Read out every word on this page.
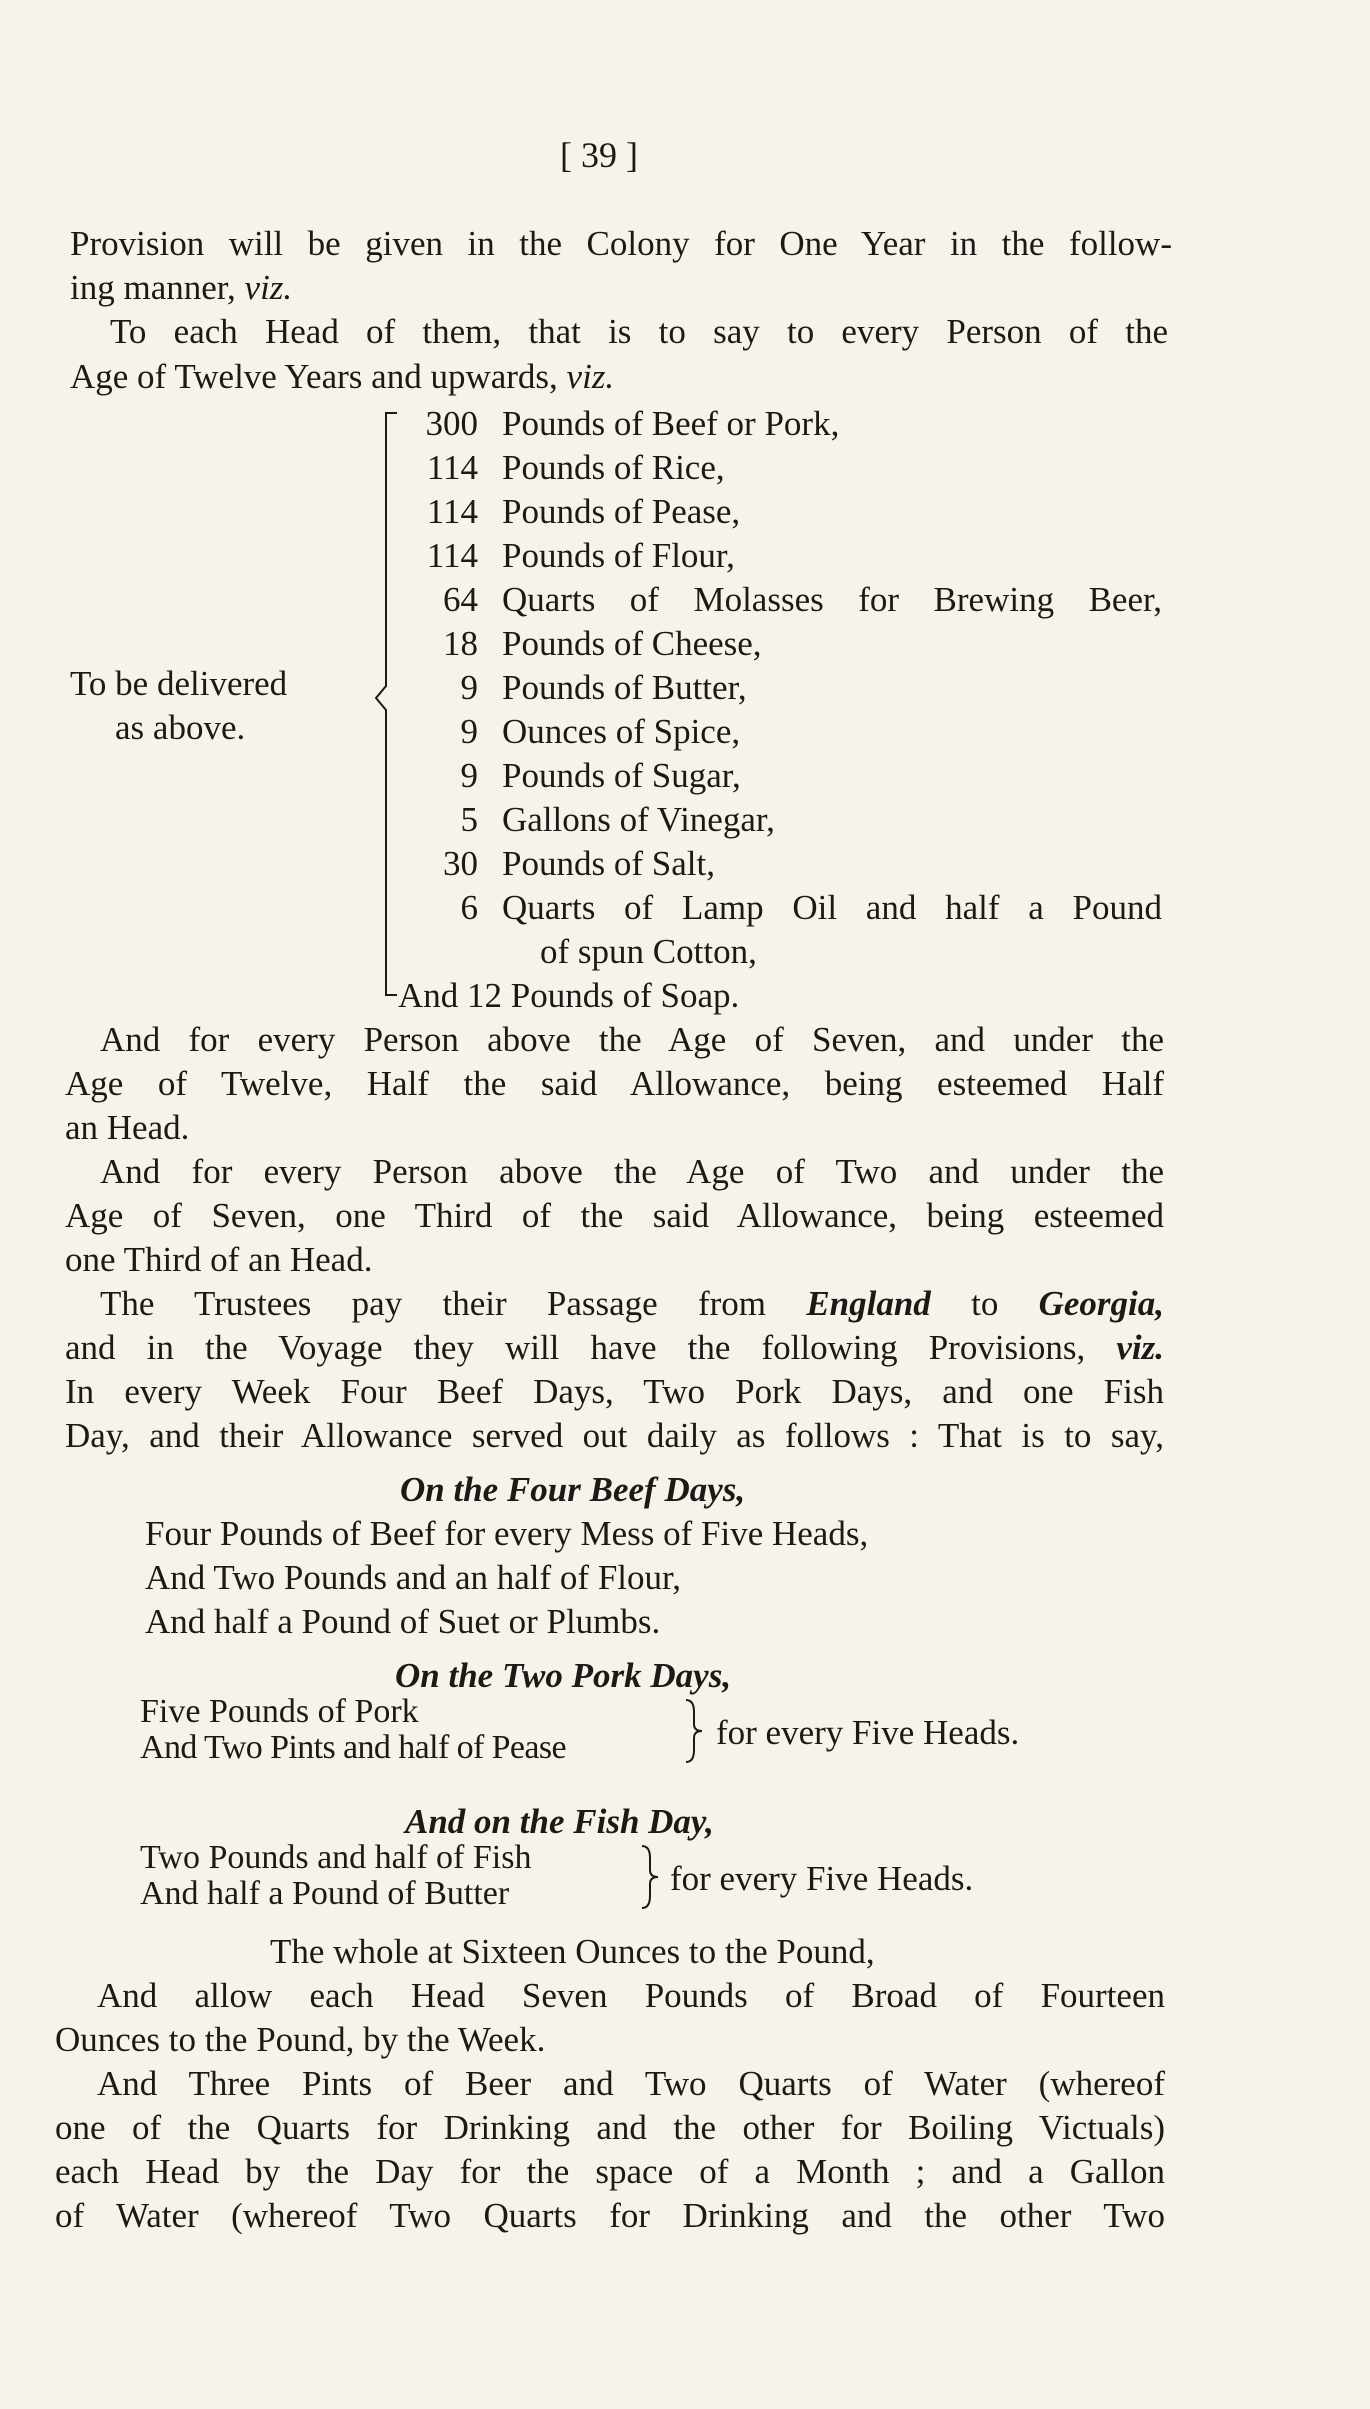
[ 39 ]
Provision will be given in the Colony for One Year in the follow-
ing manner, viz.
To each Head of them, that is to say to every Person of the
Age of Twelve Years and upwards, viz.
To be delivered
as above.
300 Pounds of Beef or Pork,
114 Pounds of Rice,
114 Pounds of Pease,
114 Pounds of Flour,
64 Quarts of Molasses for Brewing Beer,
18 Pounds of Cheese,
9 Pounds of Butter,
9 Ounces of Spice,
9 Pounds of Sugar,
5 Gallons of Vinegar,
30 Pounds of Salt,
6 Quarts of Lamp Oil and half a Pound
of spun Cotton,
And 12 Pounds of Soap.
And for every Person above the Age of Seven, and under the
Age of Twelve, Half the said Allowance, being esteemed Half
an Head.
And for every Person above the Age of Two and under the
Age of Seven, one Third of the said Allowance, being esteemed
one Third of an Head.
The Trustees pay their Passage from England to Georgia,
and in the Voyage they will have the following Provisions, viz.
In every Week Four Beef Days, Two Pork Days, and one Fish
Day, and their Allowance served out daily as follows : That is to say,
On the Four Beef Days,
Four Pounds of Beef for every Mess of Five Heads,
And Two Pounds and an half of Flour,
And half a Pound of Suet or Plumbs.
On the Two Pork Days,
Five Pounds of Pork
And Two Pints and half of Pease	for every Five Heads.
And on the Fish Day,
Two Pounds and half of Fish
And half a Pound of Butter	for every Five Heads.
The whole at Sixteen Ounces to the Pound,
And allow each Head Seven Pounds of Broad of Fourteen
Ounces to the Pound, by the Week.
And Three Pints of Beer and Two Quarts of Water (whereof
one of the Quarts for Drinking and the other for Boiling Victuals)
each Head by the Day for the space of a Month ; and a Gallon
of Water (whereof Two Quarts for Drinking and the other Two
